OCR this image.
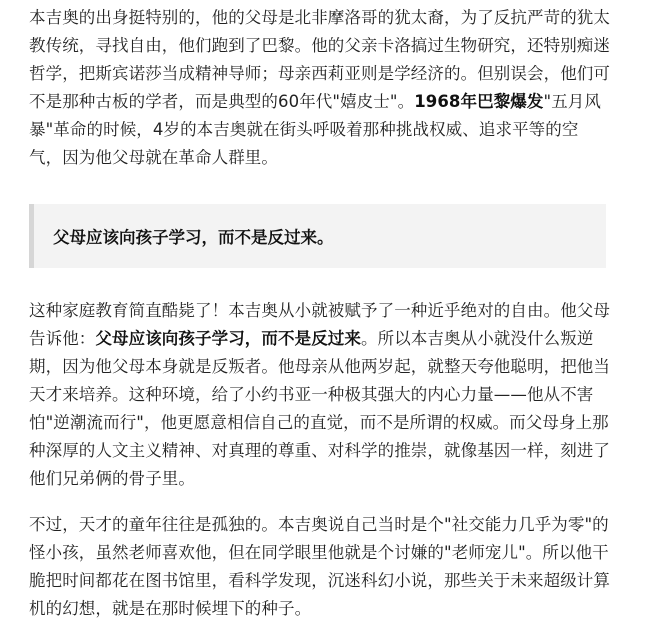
本吉奥的出身挺特别的，他的父母是北非摩洛哥的犹太裔，为了反抗严苛的犹太教传统，寻找自由，他们跑到了巴黎。他的父亲卡洛搞过生物研究，还特别痴迷哲学，把斯宾诺莎当成精神导师；母亲西莉亚则是学经济的。但别误会，他们可不是那种古板的学者，而是典型的60年代"嬉皮士"。1968年巴黎爆发"五月风暴"革命的时候，4岁的本吉奥就在街头呼吸着那种挑战权威、追求平等的空气，因为他父母就在革命人群里。

父母应该向孩子学习，而不是反过来。

这种家庭教育简直酷毙了！本吉奥从小就被赋予了一种近乎绝对的自由。他父母告诉他：父母应该向孩子学习，而不是反过来。所以本吉奥从小就没什么叛逆期，因为他父母本身就是反叛者。他母亲从他两岁起，就整天夸他聪明，把他当天才来培养。这种环境，给了小约书亚一种极其强大的内心力量——他从不害怕"逆潮流而行"，他更愿意相信自己的直觉，而不是所谓的权威。而父母身上那种深厚的人文主义精神、对真理的尊重、对科学的推崇，就像基因一样，刻进了他们兄弟俩的骨子里。

不过，天才的童年往往是孤独的。本吉奥说自己当时是个"社交能力几乎为零"的怪小孩，虽然老师喜欢他，但在同学眼里他就是个讨嫌的"老师宠儿"。所以他干脆把时间都花在图书馆里，看科学发现，沉迷科幻小说，那些关于未来超级计算机的幻想，就是在那时候埋下的种子。
